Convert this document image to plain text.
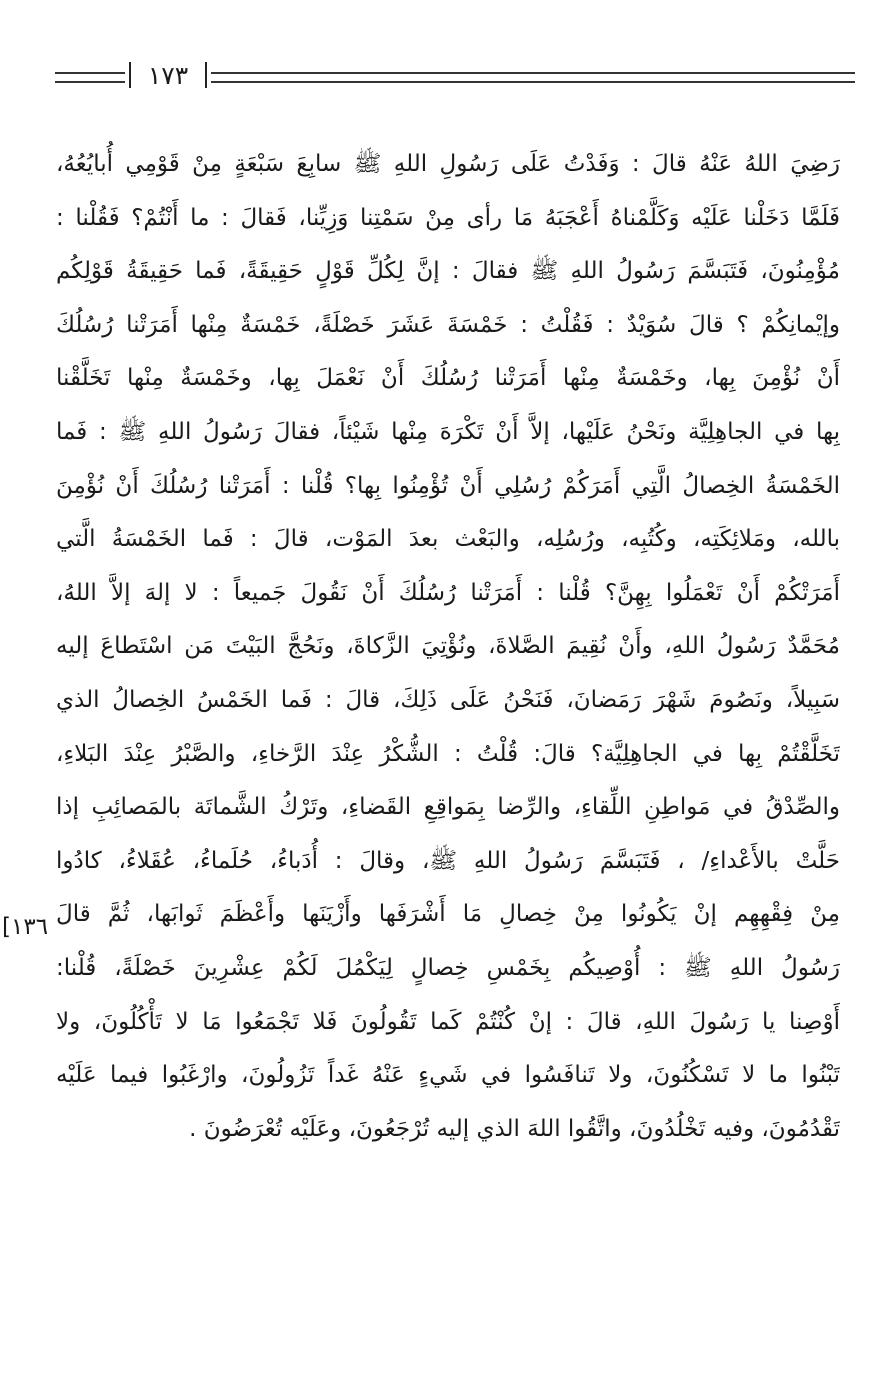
١٧٣
رَضِيَ اللهُ عَنْهُ قالَ : وَفَدْتُ عَلَى رَسُولِ اللهِ ﷺ سابِعَ سَبْعَةٍ مِنْ قَوْمِي أُبايُعُهُ،
فَلَمَّا دَخَلْنا عَلَيْه وَكَلَّمْناهُ أَعْجَبَهُ مَا رأى مِنْ سَمْتِنا وَزِيِّنا، فَقالَ : ما أَنْتُمْ؟ فَقُلْنا :
مُؤْمِنُونَ، فَتَبَسَّمَ رَسُولُ اللهِ ﷺ فقالَ : إنَّ لِكُلِّ قَوْلٍ حَقِيقَةً، فَما حَقِيقَةُ قَوْلِكُم
وإيْمانِكُمْ ؟ قالَ سُوَيْدٌ : فَقُلْتُ : خَمْسَةَ عَشَرَ خَصْلَةً، خَمْسَةٌ مِنْها أَمَرَتْنا رُسُلُكَ
أَنْ نُؤْمِنَ بِها، وخَمْسَةٌ مِنْها أَمَرَتْنا رُسُلُكَ أَنْ نَعْمَلَ بِها، وخَمْسَةٌ مِنْها تَخَلَّقْنا
بِها في الجاهِلِيَّة ونَحْنُ عَلَيْها، إلاَّ أَنْ تَكْرَهَ مِنْها شَيْئاً، فقالَ رَسُولُ اللهِ ﷺ : فَما
الخَمْسَةُ الخِصالُ الَّتِي أَمَرَكُمْ رُسُلِي أَنْ تُؤْمِنُوا بِها؟ قُلْنا : أَمَرَتْنا رُسُلُكَ أَنْ نُؤْمِنَ
بالله، ومَلائِكَتِه، وكُتُبِه، ورُسُلِه، والبَعْث بعدَ المَوْت، قالَ : فَما الخَمْسَةُ الَّتي
أَمَرَتْكُمْ أَنْ تَعْمَلُوا بِهِنَّ؟ قُلْنا : أَمَرَتْنا رُسُلُكَ أَنْ نَقُولَ جَميعاً : لا إلهَ إلاَّ اللهُ،
مُحَمَّدٌ رَسُولُ اللهِ، وأَنْ نُقِيمَ الصَّلاةَ، ونُؤْتِيَ الزَّكاةَ، ونَحُجَّ البَيْتَ مَن اسْتَطاعَ إليه
سَبِيلاً، ونَصُومَ شَهْرَ رَمَضانَ، فَنَحْنُ عَلَى ذَلِكَ، قالَ : فَما الخَمْسُ الخِصالُ الذي
تَخَلَّقْتُمْ بِها في الجاهِلِيَّة؟ قالَ: قُلْتُ : الشُّكْرُ عِنْدَ الرَّخاءِ، والصَّبْرُ عِنْدَ البَلاءِ،
والصِّدْقُ في مَواطِنِ اللِّقاءِ، والرِّضا بِمَواقِعِ القَضاءِ، وتَرْكُ الشَّماتَة بالمَصائِبِ إذا
حَلَّتْ بالأَعْداءِ/ ، فَتَبَسَّمَ رَسُولُ اللهِ ﷺ، وقالَ : أُدَباءُ، حُلَماءُ، عُقَلاءُ، كادُوا
مِنْ فِقْهِهِم إنْ يَكُونُوا مِنْ خِصالِ مَا أَشْرَفَها وأَزْيَنَها وأَعْظَمَ ثَوابَها، ثُمَّ قالَ
رَسُولُ اللهِ ﷺ : أُوْصِيكُم بِخَمْسِ خِصالٍ لِيَكْمُلَ لَكُمْ عِشْرِينَ خَصْلَةً، قُلْنا:
أَوْصِنا يا رَسُولَ اللهِ، قالَ : إنْ كُنْتُمْ كَما تَقُولُونَ فَلا تَجْمَعُوا مَا لا تَأْكُلُونَ، ولا
تَبْنُوا ما لا تَسْكُنُونَ، ولا تَنافَسُوا في شَيءٍ عَنْهُ غَداً تَزُولُونَ، وارْغَبُوا فيما عَلَيْه
تَقْدُمُونَ، وفيه تَخْلُدُونَ، واتَّقُوا اللهَ الذي إليه تُرْجَعُونَ، وعَلَيْه تُعْرَضُونَ .
١٣٦]
